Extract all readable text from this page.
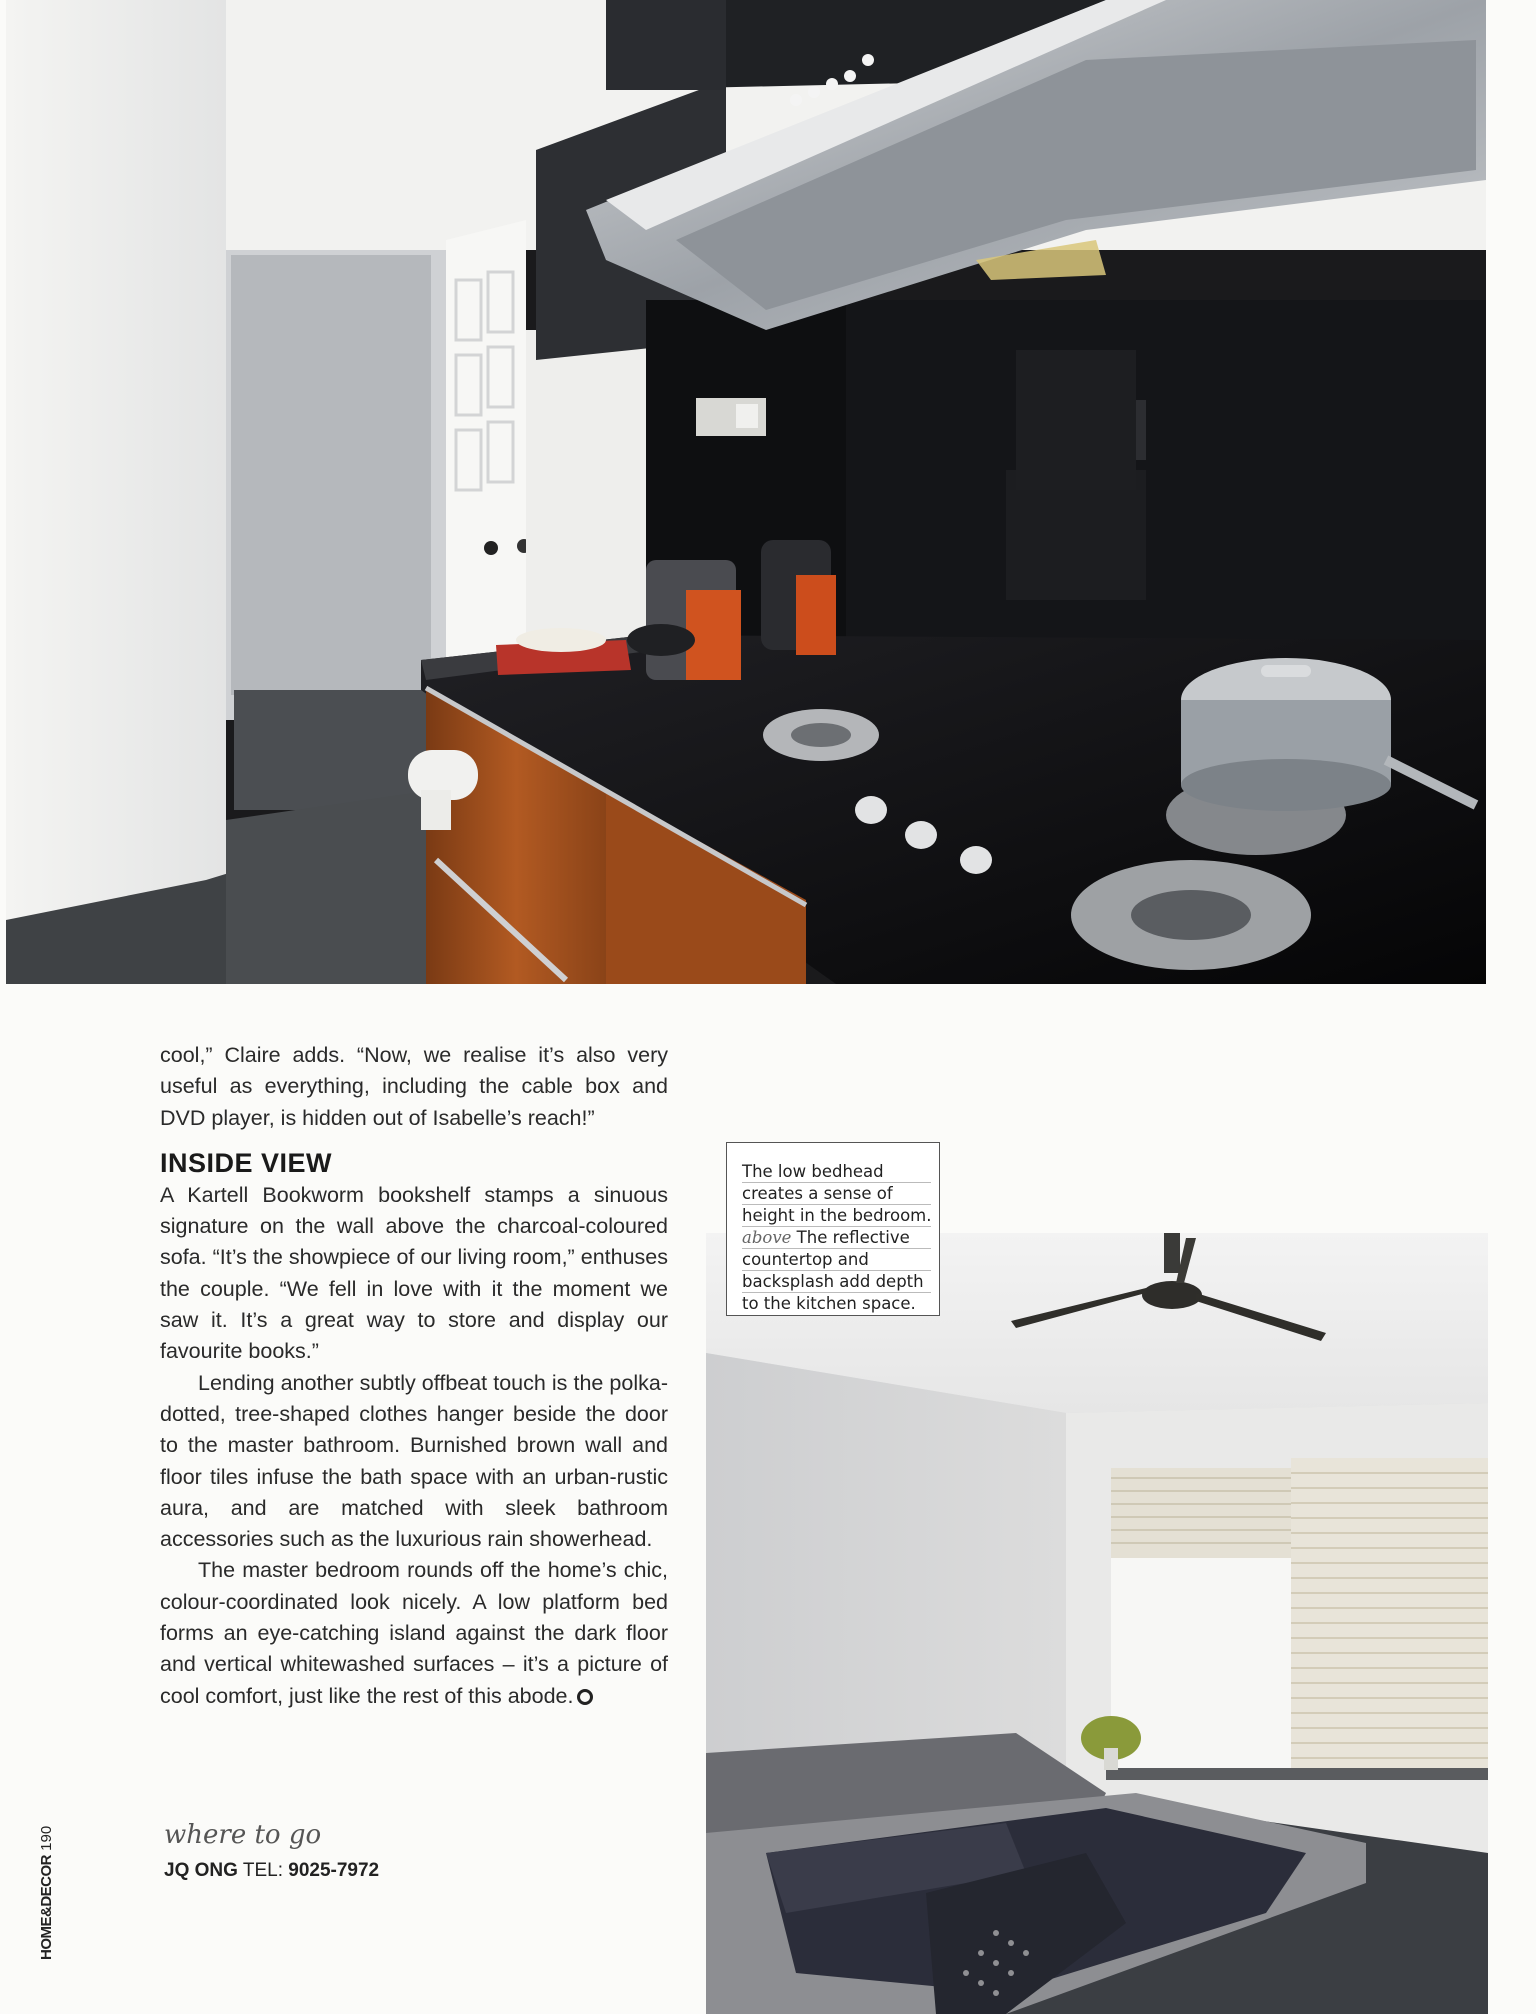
cool,” Claire adds. “Now, we realise it’s also very useful as everything, including the cable box and DVD player, is hidden out of Isabelle’s reach!”

INSIDE VIEW

A Kartell Bookworm bookshelf stamps a sinuous signature on the wall above the charcoal-coloured sofa. “It’s the showpiece of our living room,” enthuses the couple. “We fell in love with it the moment we saw it. It’s a great way to store and display our favourite books.”

Lending another subtly offbeat touch is the polka-dotted, tree-shaped clothes hanger beside the door to the master bathroom. Burnished brown wall and floor tiles infuse the bath space with an urban-rustic aura, and are matched with sleek bathroom accessories such as the luxurious rain showerhead.

The master bedroom rounds off the home’s chic, colour-coordinated look nicely. A low platform bed forms an eye-catching island against the dark floor and vertical whitewashed surfaces – it’s a picture of cool comfort, just like the rest of this abode.

where to go
JQ ONG TEL: 9025-7972
HOME&DECOR 190
The low bedhead
creates a sense of
height in the bedroom.
above The reflective
countertop and
backsplash add depth
to the kitchen space.
